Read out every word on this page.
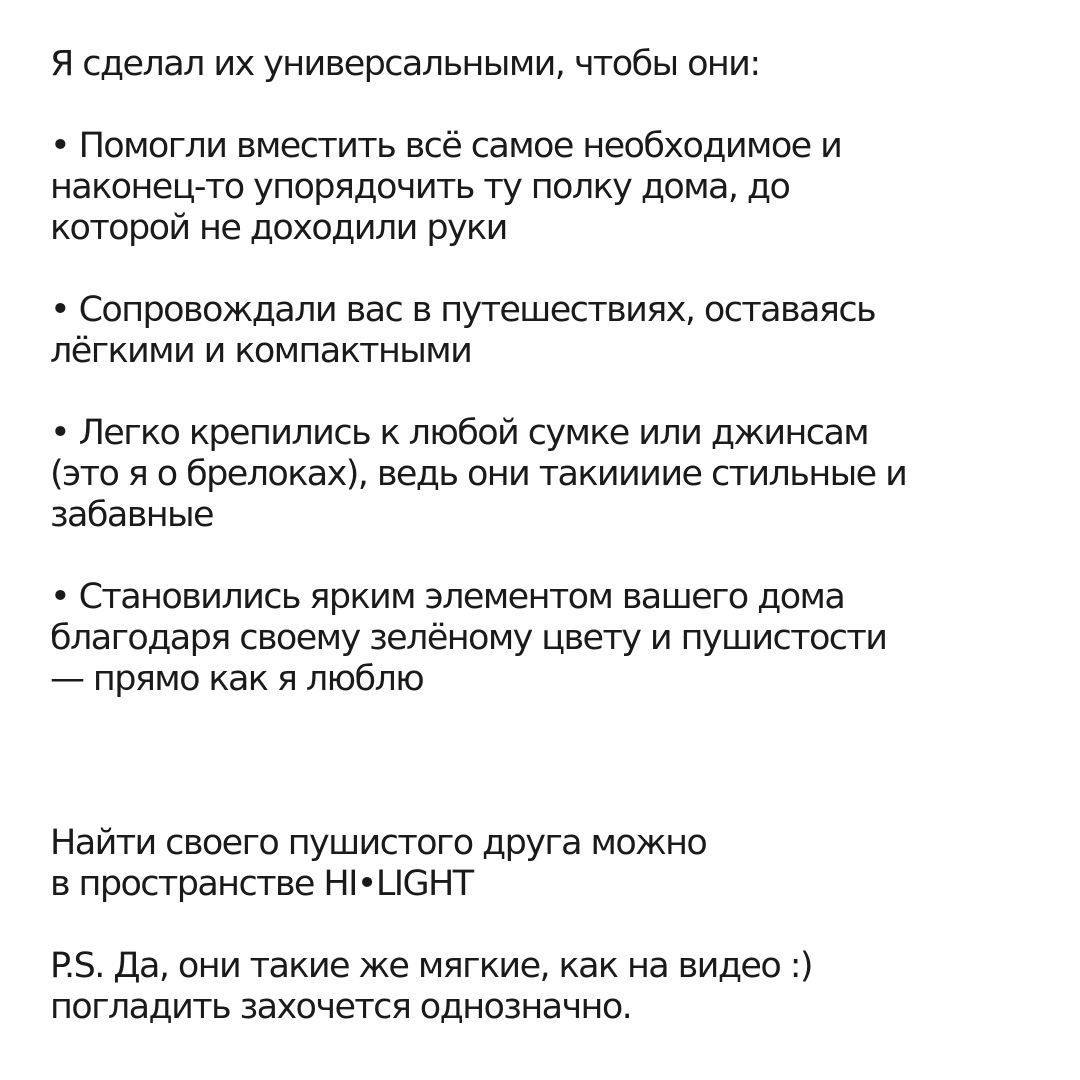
Я сделал их универсальными, чтобы они:
• Помогли вместить всё самое необходимое и
наконец-то упорядочить ту полку дома, до
которой не доходили руки
• Сопровождали вас в путешествиях, оставаясь
лёгкими и компактными
• Легко крепились к любой сумке или джинсам
(это я о брелоках), ведь они такиииие стильные и
забавные
• Становились ярким элементом вашего дома
благодаря своему зелёному цвету и пушистости
— прямо как я люблю
Найти своего пушистого друга можно
в пространстве HI•LIGHT
P.S. Да, они такие же мягкие, как на видео :)
погладить захочется однозначно.
